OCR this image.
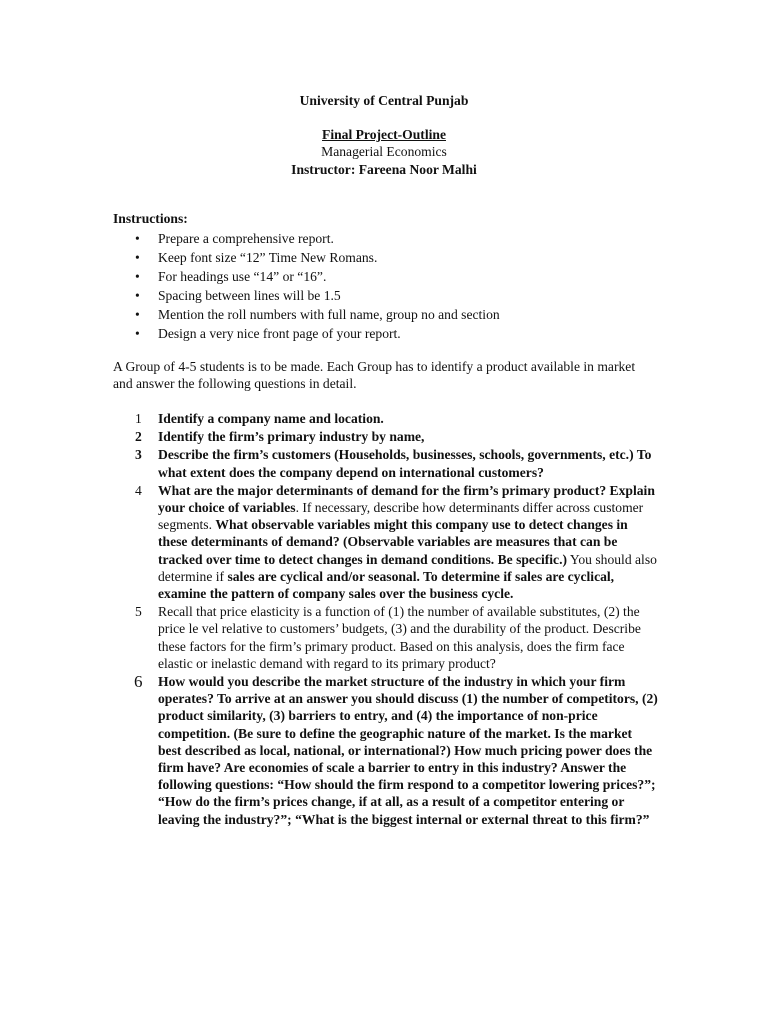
University of Central Punjab
Final Project-Outline
Managerial Economics
Instructor: Fareena Noor Malhi
Instructions:
• Prepare a comprehensive report.
• Keep font size “12” Time New Romans.
• For headings use “14” or “16”.
• Spacing between lines will be 1.5
• Mention the roll numbers with full name, group no and section
• Design a very nice front page of your report.
A Group of 4-5 students is to be made. Each Group has to identify a product available in market and answer the following questions in detail.
1 Identify a company name and location.
2 Identify the firm’s primary industry by name,
3 Describe the firm’s customers (Households, businesses, schools, governments, etc.) To what extent does the company depend on international customers?
4 What are the major determinants of demand for the firm’s primary product? Explain your choice of variables. If necessary, describe how determinants differ across customer segments. What observable variables might this company use to detect changes in these determinants of demand? (Observable variables are measures that can be tracked over time to detect changes in demand conditions. Be specific.) You should also determine if sales are cyclical and/or seasonal. To determine if sales are cyclical, examine the pattern of company sales over the business cycle.
5 Recall that price elasticity is a function of (1) the number of available substitutes, (2) the price le vel relative to customers’ budgets, (3) and the durability of the product. Describe these factors for the firm’s primary product. Based on this analysis, does the firm face elastic or inelastic demand with regard to its primary product?
6 How would you describe the market structure of the industry in which your firm operates? To arrive at an answer you should discuss (1) the number of competitors, (2) product similarity, (3) barriers to entry, and (4) the importance of non-price competition. (Be sure to define the geographic nature of the market. Is the market best described as local, national, or international?) How much pricing power does the firm have? Are economies of scale a barrier to entry in this industry? Answer the following questions: “How should the firm respond to a competitor lowering prices?”; “How do the firm’s prices change, if at all, as a result of a competitor entering or leaving the industry?”; “What is the biggest internal or external threat to this firm?”
